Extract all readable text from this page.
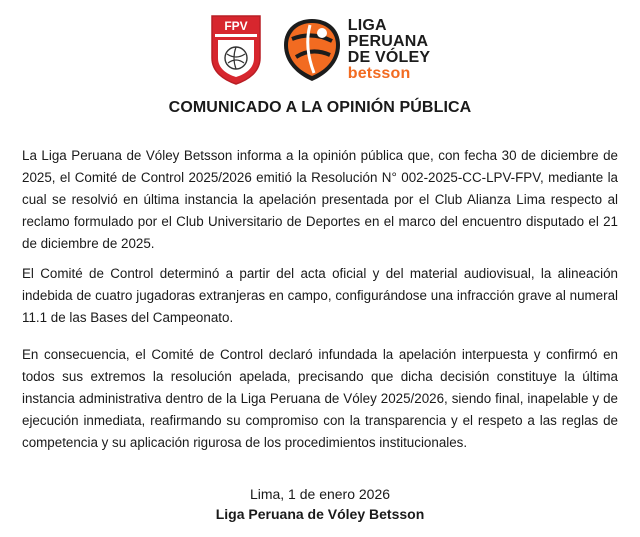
FPV	LIGA
PERUANA
DE VÓLEY
betsson
COMUNICADO A LA OPINIÓN PÚBLICA

La Liga Peruana de Vóley Betsson informa a la opinión pública que, con fecha 30 de diciembre de 2025, el Comité de Control 2025/2026 emitió la Resolución N° 002-2025-CC-LPV-FPV, mediante la cual se resolvió en última instancia la apelación presentada por el Club Alianza Lima respecto al reclamo formulado por el Club Universitario de Deportes en el marco del encuentro disputado el 21 de diciembre de 2025.

El Comité de Control determinó a partir del acta oficial y del material audiovisual, la alineación indebida de cuatro jugadoras extranjeras en campo, configurándose una infracción grave al numeral 11.1 de las Bases del Campeonato.

En consecuencia, el Comité de Control declaró infundada la apelación interpuesta y confirmó en todos sus extremos la resolución apelada, precisando que dicha decisión constituye la última instancia administrativa dentro de la Liga Peruana de Vóley 2025/2026, siendo final, inapelable y de ejecución inmediata, reafirmando su compromiso con la transparencia y el respeto a las reglas de competencia y su aplicación rigurosa de los procedimientos institucionales.

Lima, 1 de enero 2026
Liga Peruana de Vóley Betsson
